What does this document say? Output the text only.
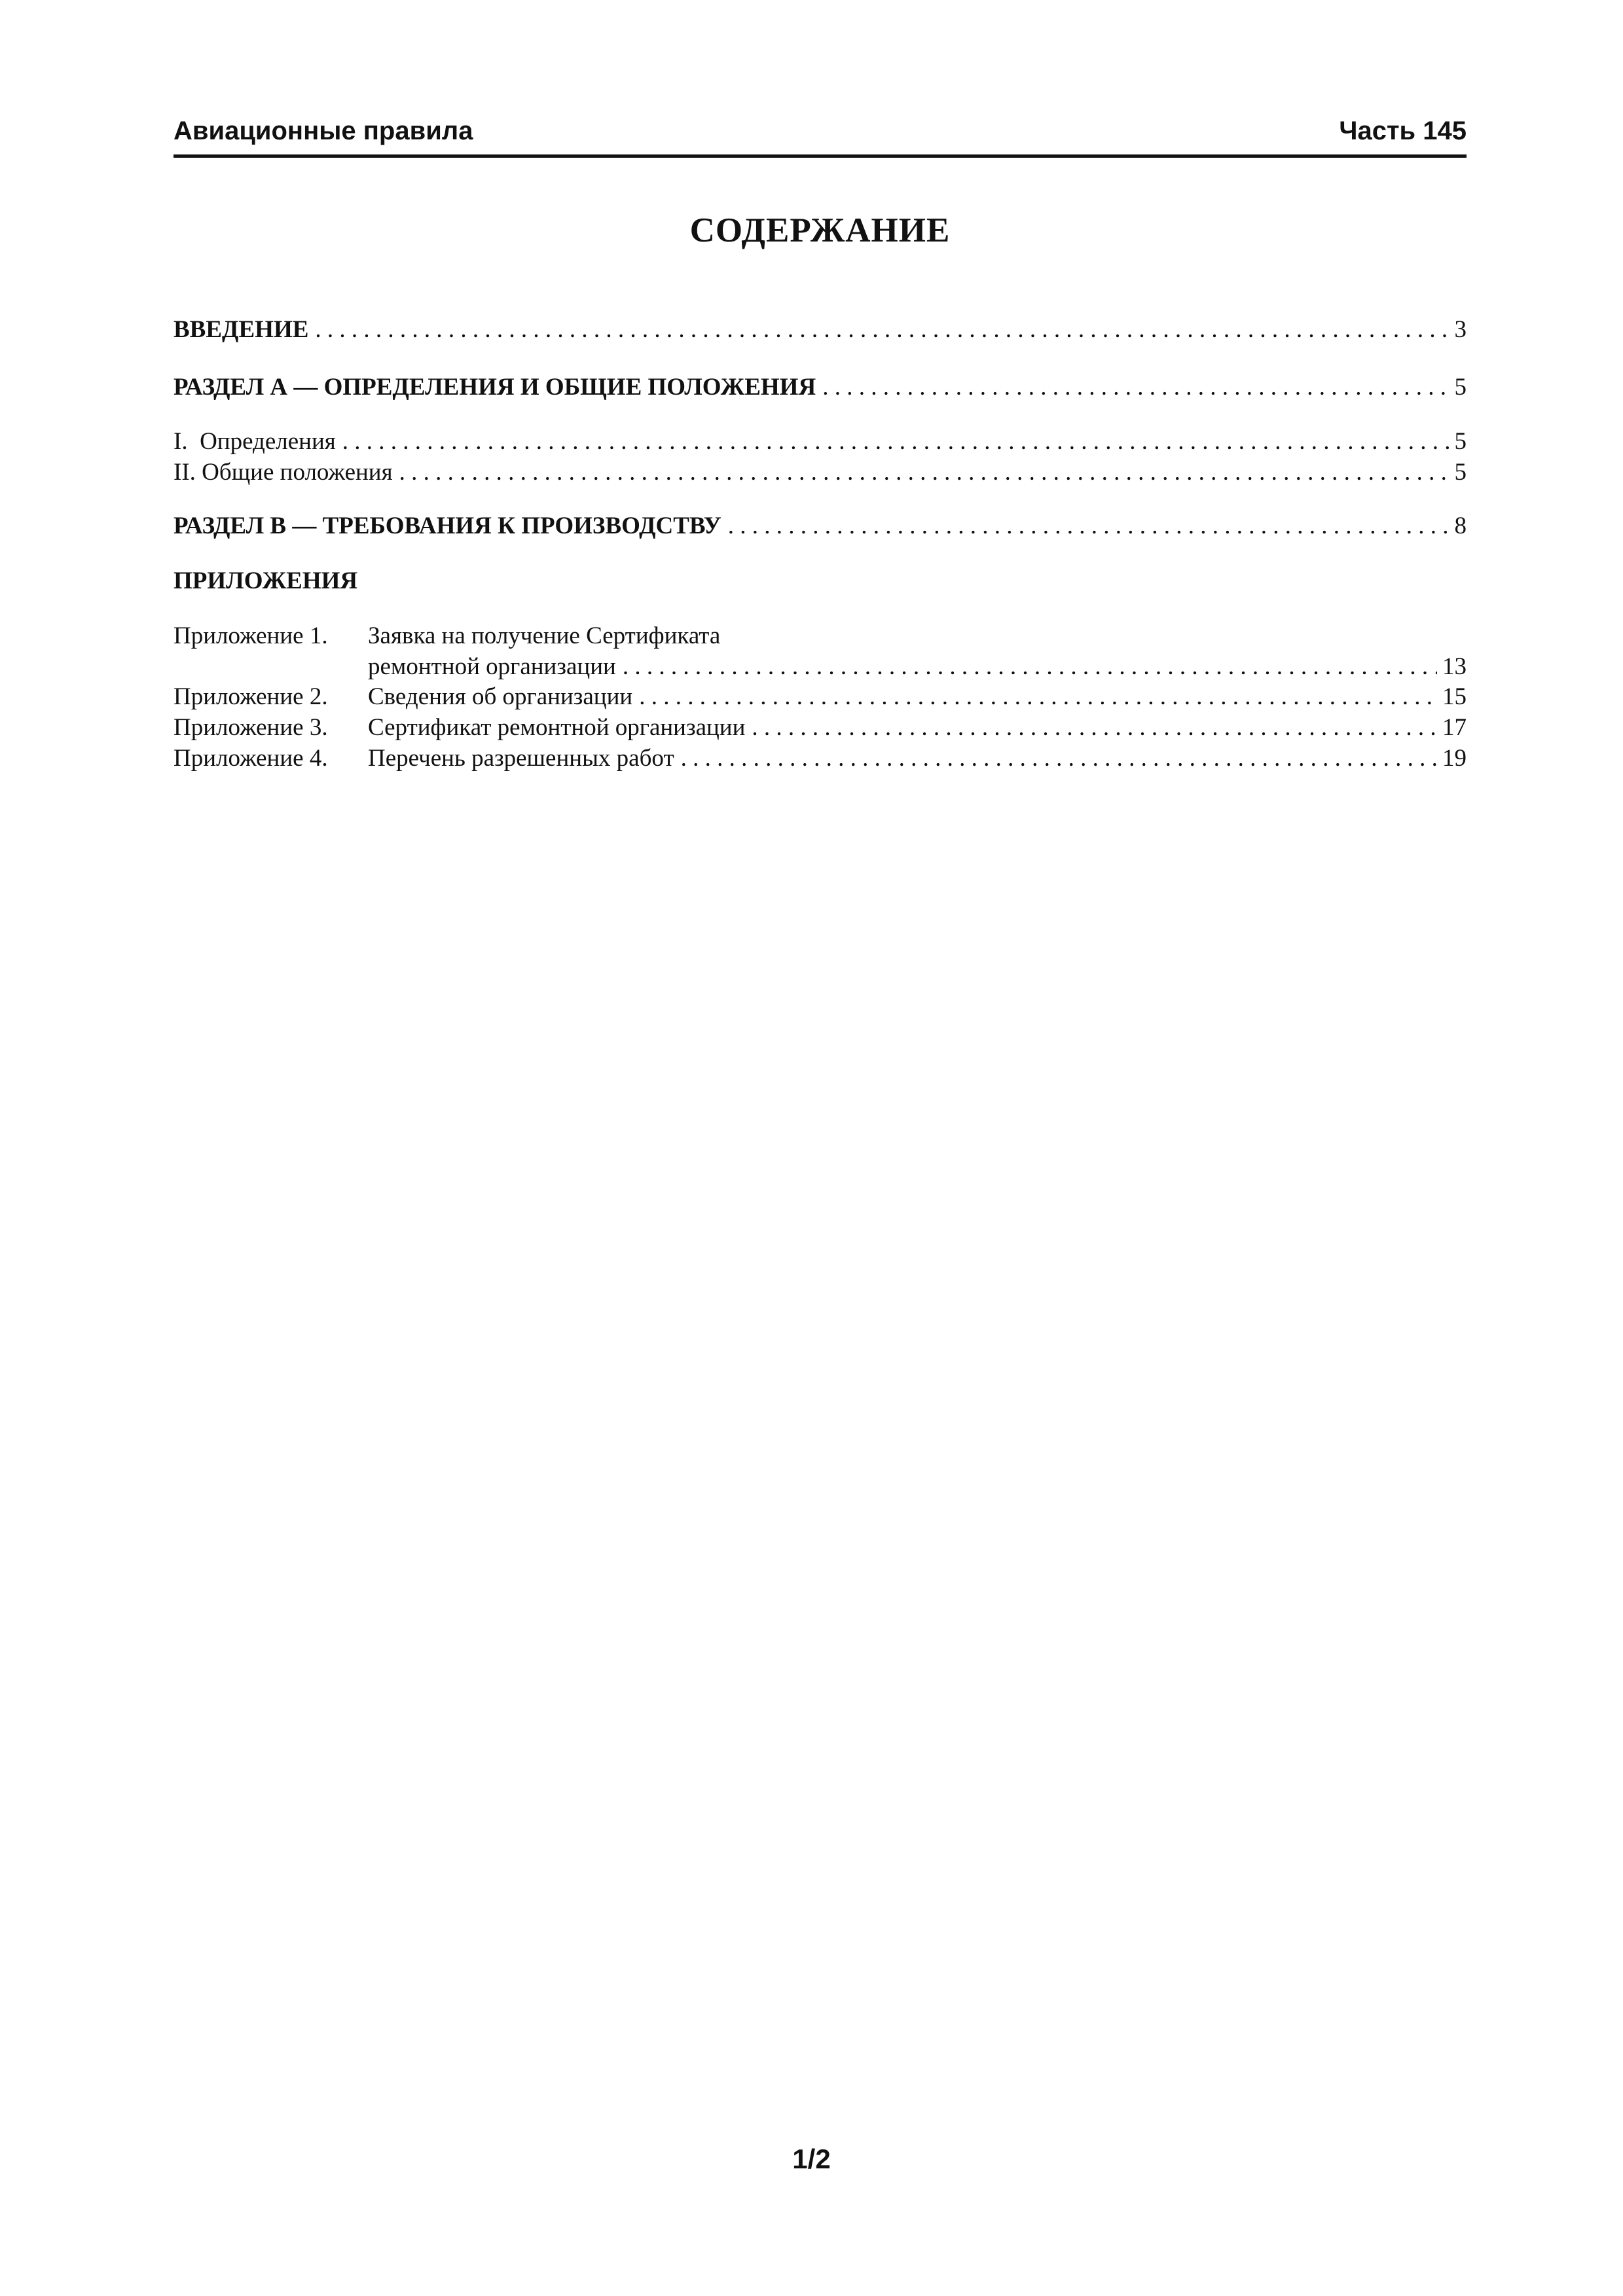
Авиационные правила	Часть 145
СОДЕРЖАНИЕ
ВВЕДЕНИЕ . . .	3
РАЗДЕЛ А — ОПРЕДЕЛЕНИЯ И ОБЩИЕ ПОЛОЖЕНИЯ . . .	5
I.  Определения . . .	5
II. Общие положения . . .	5
РАЗДЕЛ В — ТРЕБОВАНИЯ К ПРОИЗВОДСТВУ . . .	8
ПРИЛОЖЕНИЯ
Приложение 1.	Заявка на получение Сертификата
ремонтной организации . . .	13
Приложение 2.	Сведения об организации . . .	15
Приложение 3.	Сертификат ремонтной организации . . .	17
Приложение 4.	Перечень разрешенных работ . . .	19
1/2
